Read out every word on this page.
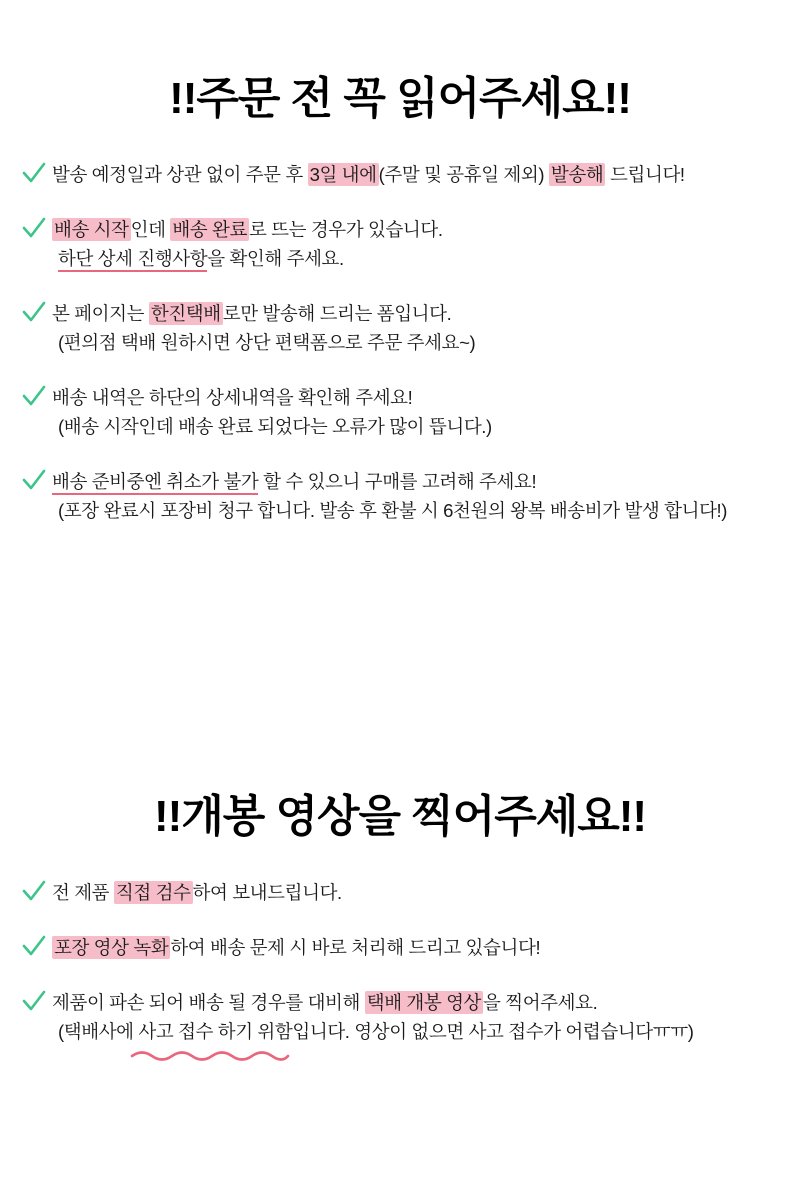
!!주문 전 꼭 읽어주세요!!
발송 예정일과 상관 없이 주문 후 3일 내에 (주말 및 공휴일 제외) 발송해 드립니다!
배송 시작 인데 배송 완료 로 뜨는 경우가 있습니다.
하단 상세 진행사항을 확인해 주세요.
본 페이지는 한진택배 로만 발송해 드리는 폼입니다.
(편의점 택배 원하시면 상단 편택폼으로 주문 주세요~)
배송 내역은 하단의 상세내역을 확인해 주세요!
(배송 시작인데 배송 완료 되었다는 오류가 많이 뜹니다.)
배송 준비중엔 취소가 불가 할 수 있으니 구매를 고려해 주세요!
(포장 완료시 포장비 청구 합니다. 발송 후 환불 시 6천원의 왕복 배송비가 발생 합니다!)
!!개봉 영상을 찍어주세요!!
전 제품 직접 검수 하여 보내드립니다.
포장 영상 녹화 하여 배송 문제 시 바로 처리해 드리고 있습니다!
제품이 파손 되어 배송 될 경우를 대비해 택배 개봉 영상 을 찍어주세요.
(택배사에 사고 접수 하기 위함입니다. 영상이 없으면 사고 접수가 어렵습니다ㅠㅠ)
